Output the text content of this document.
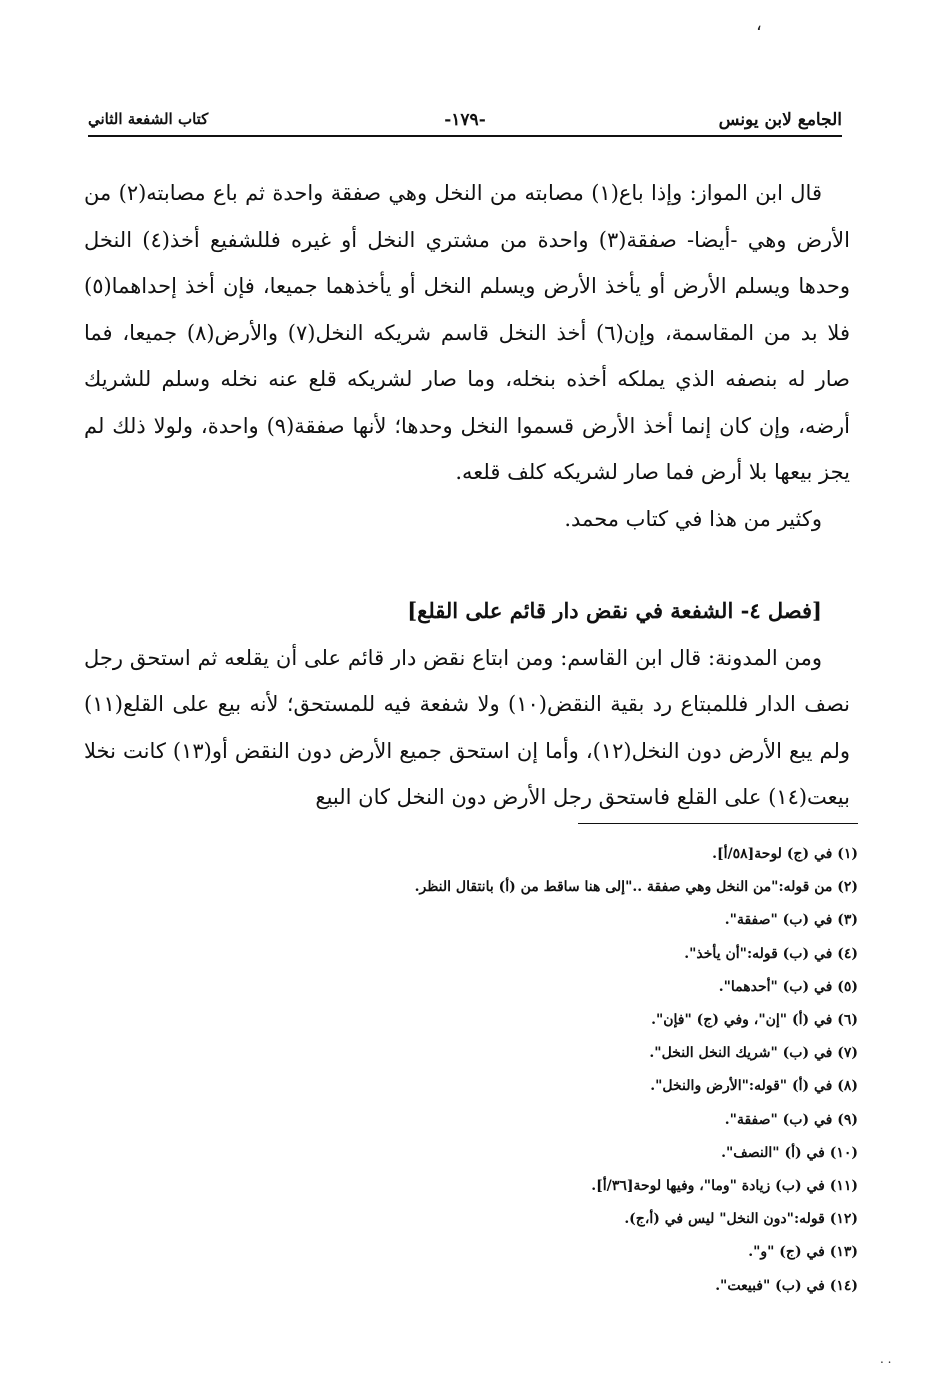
،
الجامع لابن يونس
-١٧٩-
كتاب الشفعة الثاني

قال ابن المواز: وإذا باع(١) مصابته من النخل وهي صفقة واحدة ثم باع مصابته(٢) من الأرض وهي -أيضا- صفقة(٣) واحدة من مشتري النخل أو غيره فللشفيع أخذ(٤) النخل وحدها ويسلم الأرض أو يأخذ الأرض ويسلم النخل أو يأخذهما جميعا، فإن أخذ إحداهما(٥) فلا بد من المقاسمة، وإن(٦) أخذ النخل قاسم شريكه النخل(٧) والأرض(٨) جميعا، فما صار له بنصفه الذي يملكه أخذه بنخله، وما صار لشريكه قلع عنه نخله وسلم للشريك أرضه، وإن كان إنما أخذ الأرض قسموا النخل وحدها؛ لأنها صفقة(٩) واحدة، ولولا ذلك لم يجز بيعها بلا أرض فما صار لشريكه كلف قلعه.

وكثير من هذا في كتاب محمد.

[فصل ٤- الشفعة في نقض دار قائم على القلع]

ومن المدونة: قال ابن القاسم: ومن ابتاع نقض دار قائم على أن يقلعه ثم استحق رجل نصف الدار فللمبتاع رد بقية النقض(١٠) ولا شفعة فيه للمستحق؛ لأنه بيع على القلع(١١) ولم يبع الأرض دون النخل(١٢)، وأما إن استحق جميع الأرض دون النقض أو(١٣) كانت نخلا بيعت(١٤) على القلع فاستحق رجل الأرض دون النخل كان البيع

(١) في (ج) لوحة[٥٨/أ].

(٢) من قوله:"من النخل وهي صفقة .."إلى هنا ساقط من (أ) بانتقال النظر.

(٣) في (ب) "صفقة".

(٤) في (ب) قوله:"أن يأخذ".

(٥) في (ب) "أحدهما".

(٦) في (أ) "إن"، وفي (ج) "فإن".

(٧) في (ب) "شريك النخل النخل".

(٨) في (أ) "قوله:"الأرض والنخل".

(٩) في (ب) "صفقة".

(١٠) في (أ) "النصف".

(١١) في (ب) زيادة "وما"، وفيها لوحة[٣٦/أ].

(١٢) قوله:"دون النخل" ليس في (أ،ج).

(١٣) في (ج) "و".

(١٤) في (ب) "فبيعت".

. .
